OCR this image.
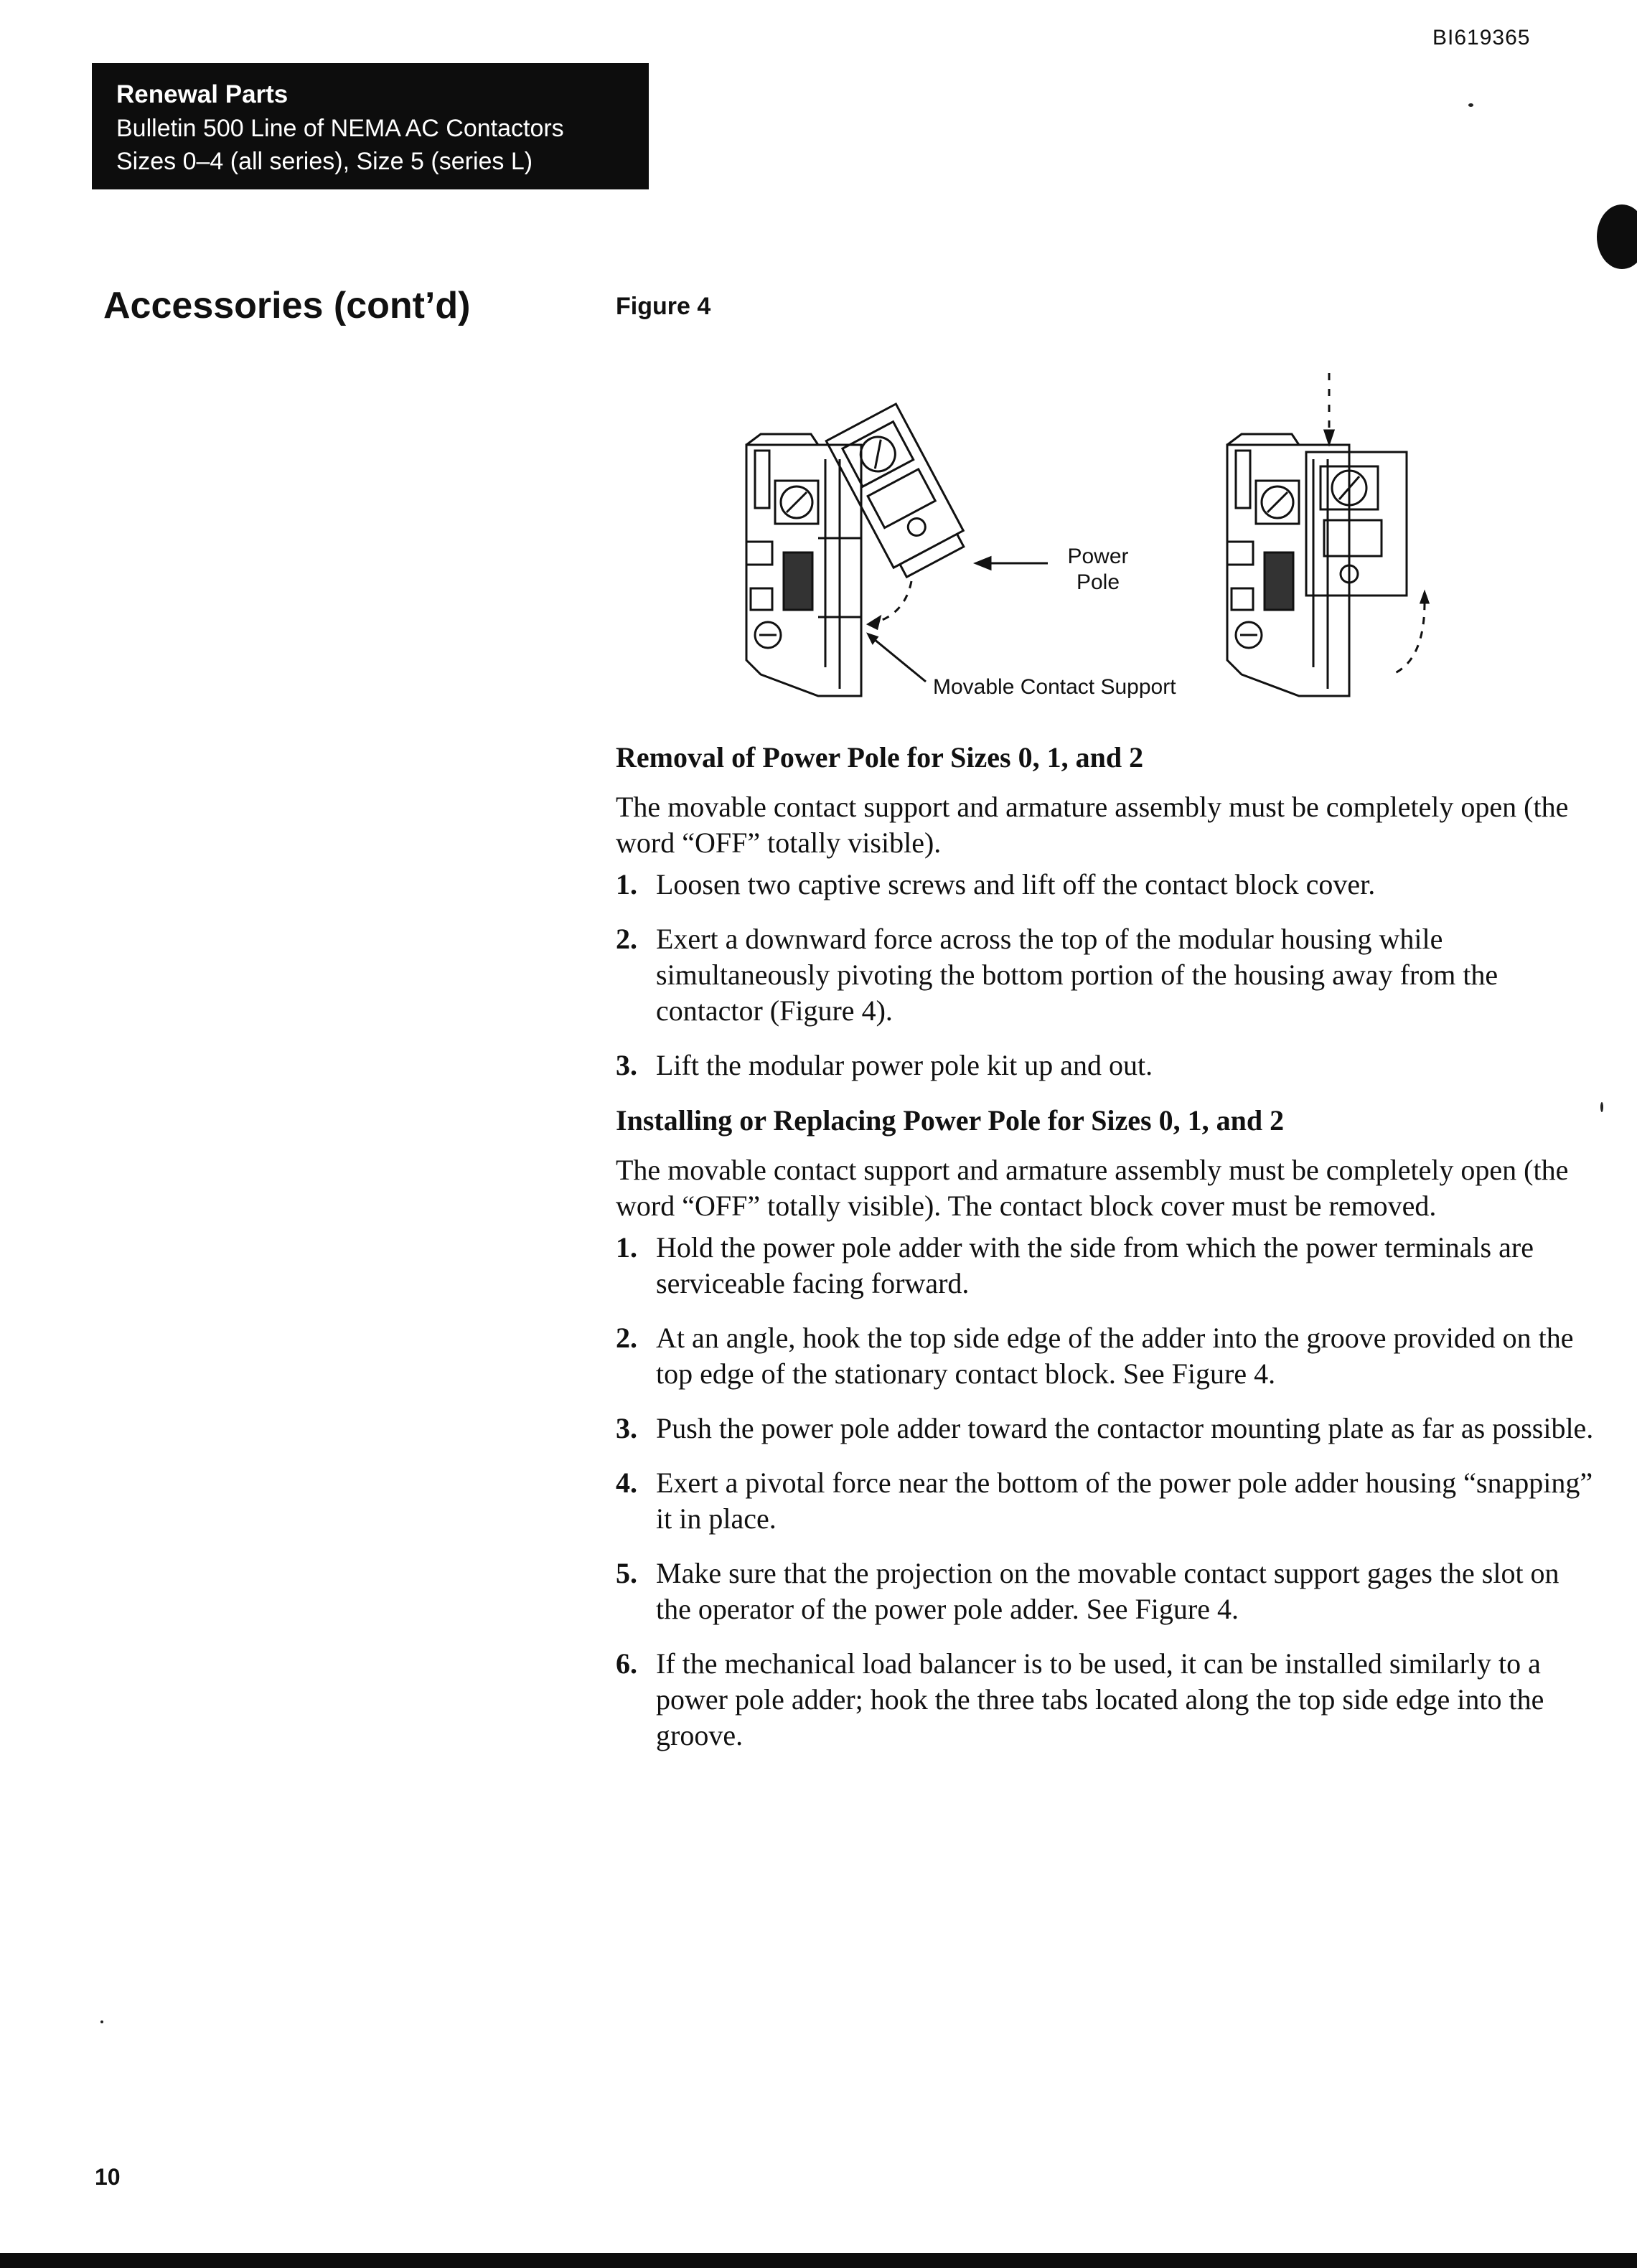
BI619365
Renewal Parts
Bulletin 500 Line of NEMA AC Contactors
Sizes 0–4 (all series), Size 5 (series L)
Accessories (cont’d)	Figure 4
Power Pole
Movable Contact Support
Removal of Power Pole for Sizes 0, 1, and 2

The movable contact support and armature assembly must be completely open (the word “OFF” totally visible).

1. Loosen two captive screws and lift off the contact block cover.
2. Exert a downward force across the top of the modular housing while simultaneously pivoting the bottom portion of the housing away from the contactor (Figure 4).
3. Lift the modular power pole kit up and out.
Installing or Replacing Power Pole for Sizes 0, 1, and 2

The movable contact support and armature assembly must be completely open (the word “OFF” totally visible). The contact block cover must be removed.

1. Hold the power pole adder with the side from which the power terminals are serviceable facing forward.
2. At an angle, hook the top side edge of the adder into the groove provided on the top edge of the stationary contact block. See Figure 4.
3. Push the power pole adder toward the contactor mounting plate as far as possible.
4. Exert a pivotal force near the bottom of the power pole adder housing “snapping” it in place.
5. Make sure that the projection on the movable contact support gages the slot on the operator of the power pole adder. See Figure 4.
6. If the mechanical load balancer is to be used, it can be installed similarly to a power pole adder; hook the three tabs located along the top side edge into the groove.
10
